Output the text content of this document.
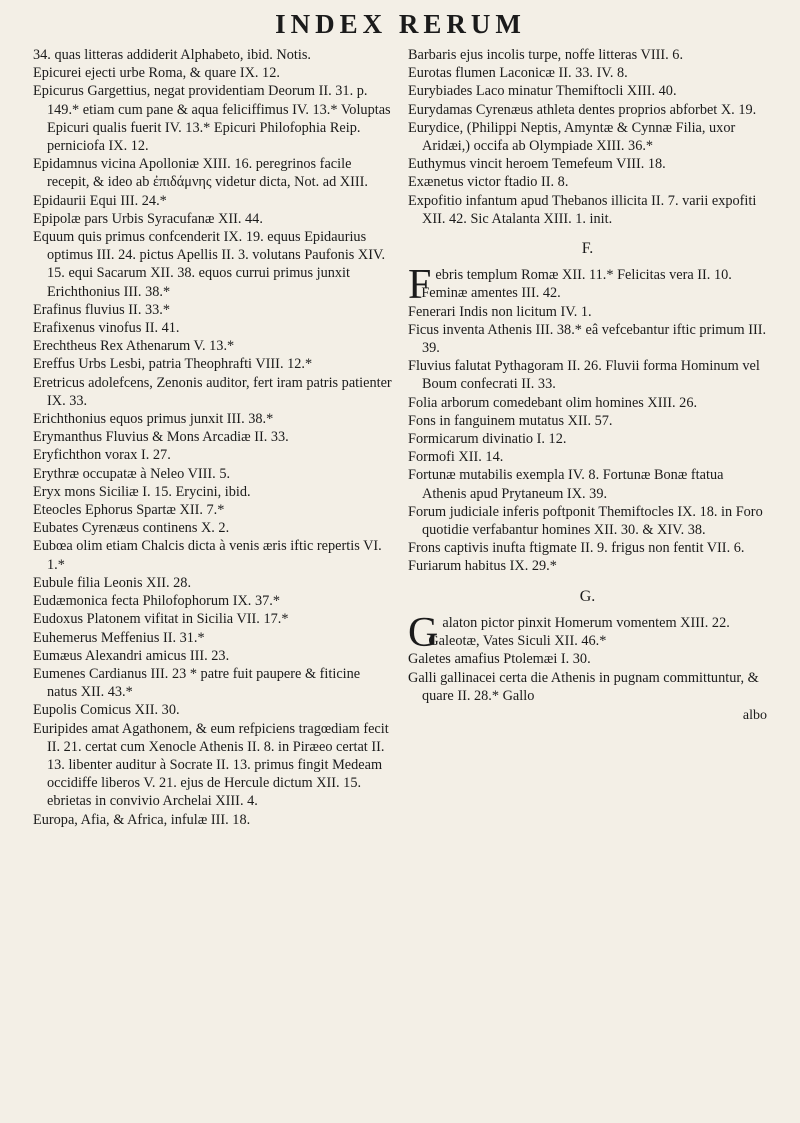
INDEX RERUM

34. quas litteras addiderit Alphabeto, ibid. Notis.

Epicurei ejecti urbe Roma, & quare IX. 12.

Epicurus Gargettius, negat providentiam Deorum II. 31. p. 149.* etiam cum pane & aqua feliciffimus IV. 13.* Voluptas Epicuri qualis fuerit IV. 13.* Epicuri Philofophia Reip. perniciofa IX. 12.

Epidamnus vicina Apolloniæ XIII. 16. peregrinos facile recepit, & ideo ab ἐπιδάμνης videtur dicta, Not. ad XIII.

Epidaurii Equi III. 24.*

Epipolæ pars Urbis Syracufanæ XII. 44.

Equum quis primus confcenderit IX. 19. equus Epidaurius optimus III. 24. pictus Apellis II. 3. volutans Paufonis XIV. 15. equi Sacarum XII. 38. equos currui primus junxit Erichthonius III. 38.*

Erafinus fluvius II. 33.*

Erafixenus vinofus II. 41.

Erechtheus Rex Athenarum V. 13.*

Ereffus Urbs Lesbi, patria Theophrafti VIII. 12.*

Eretricus adolefcens, Zenonis auditor, fert iram patris patienter IX. 33.

Erichthonius equos primus junxit III. 38.*

Erymanthus Fluvius & Mons Arcadiæ II. 33.

Eryfichthon vorax I. 27.

Erythræ occupatæ à Neleo VIII. 5.

Eryx mons Siciliæ I. 15. Erycini, ibid.

Eteocles Ephorus Spartæ XII. 7.*

Eubates Cyrenæus continens X. 2.

Eubœa olim etiam Chalcis dicta à venis æris iftic repertis VI. 1.*

Eubule filia Leonis XII. 28.

Eudæmonica fecta Philofophorum IX. 37.*

Eudoxus Platonem vifitat in Sicilia VII. 17.*

Euhemerus Meffenius II. 31.*

Eumæus Alexandri amicus III. 23.

Eumenes Cardianus III. 23 * patre fuit paupere & fiticine natus XII. 43.*

Eupolis Comicus XII. 30.

Euripides amat Agathonem, & eum refpiciens tragœdiam fecit II. 21. certat cum Xenocle Athenis II. 8. in Piræeo certat II. 13. libenter auditur à Socrate II. 13. primus fingit Medeam occidiffe liberos V. 21. ejus de Hercule dictum XII. 15. ebrietas in convivio Archelai XIII. 4.

Europa, Afia, & Africa, infulæ III. 18.

Barbaris ejus incolis turpe, noffe litteras VIII. 6.

Eurotas flumen Laconicæ II. 33. IV. 8.

Eurybiades Laco minatur Themiftocli XIII. 40.

Eurydamas Cyrenæus athleta dentes proprios abforbet X. 19.

Eurydice, (Philippi Neptis, Amyntæ & Cynnæ Filia, uxor Aridæi,) occifa ab Olympiade XIII. 36.*

Euthymus vincit heroem Temefeum VIII. 18.

Exænetus victor ftadio II. 8.

Expofitio infantum apud Thebanos illicita II. 7. varii expofiti XII. 42. Sic Atalanta XIII. 1. init.

F.

Febris templum Romæ XII. 11.* Felicitas vera II. 10.

Feminæ amentes III. 42.

Fenerari Indis non licitum IV. 1.

Ficus inventa Athenis III. 38.* eâ vefcebantur iftic primum III. 39.

Fluvius falutat Pythagoram II. 26. Fluvii forma Hominum vel Boum confecrati II. 33.

Folia arborum comedebant olim homines XIII. 26.

Fons in fanguinem mutatus XII. 57.

Formicarum divinatio I. 12.

Formofi XII. 14.

Fortunæ mutabilis exempla IV. 8. Fortunæ Bonæ ftatua Athenis apud Prytaneum IX. 39.

Forum judiciale inferis poftponit Themiftocles IX. 18. in Foro quotidie verfabantur homines XII. 30. & XIV. 38.

Frons captivis inufta ftigmate II. 9. frigus non fentit VII. 6.

Furiarum habitus IX. 29.*

G.

Galaton pictor pinxit Homerum vomentem XIII. 22.

Galeotæ, Vates Siculi XII. 46.*

Galetes amafius Ptolemæi I. 30.

Galli gallinacei certa die Athenis in pugnam committuntur, & quare II. 28.* Gallo

albo
